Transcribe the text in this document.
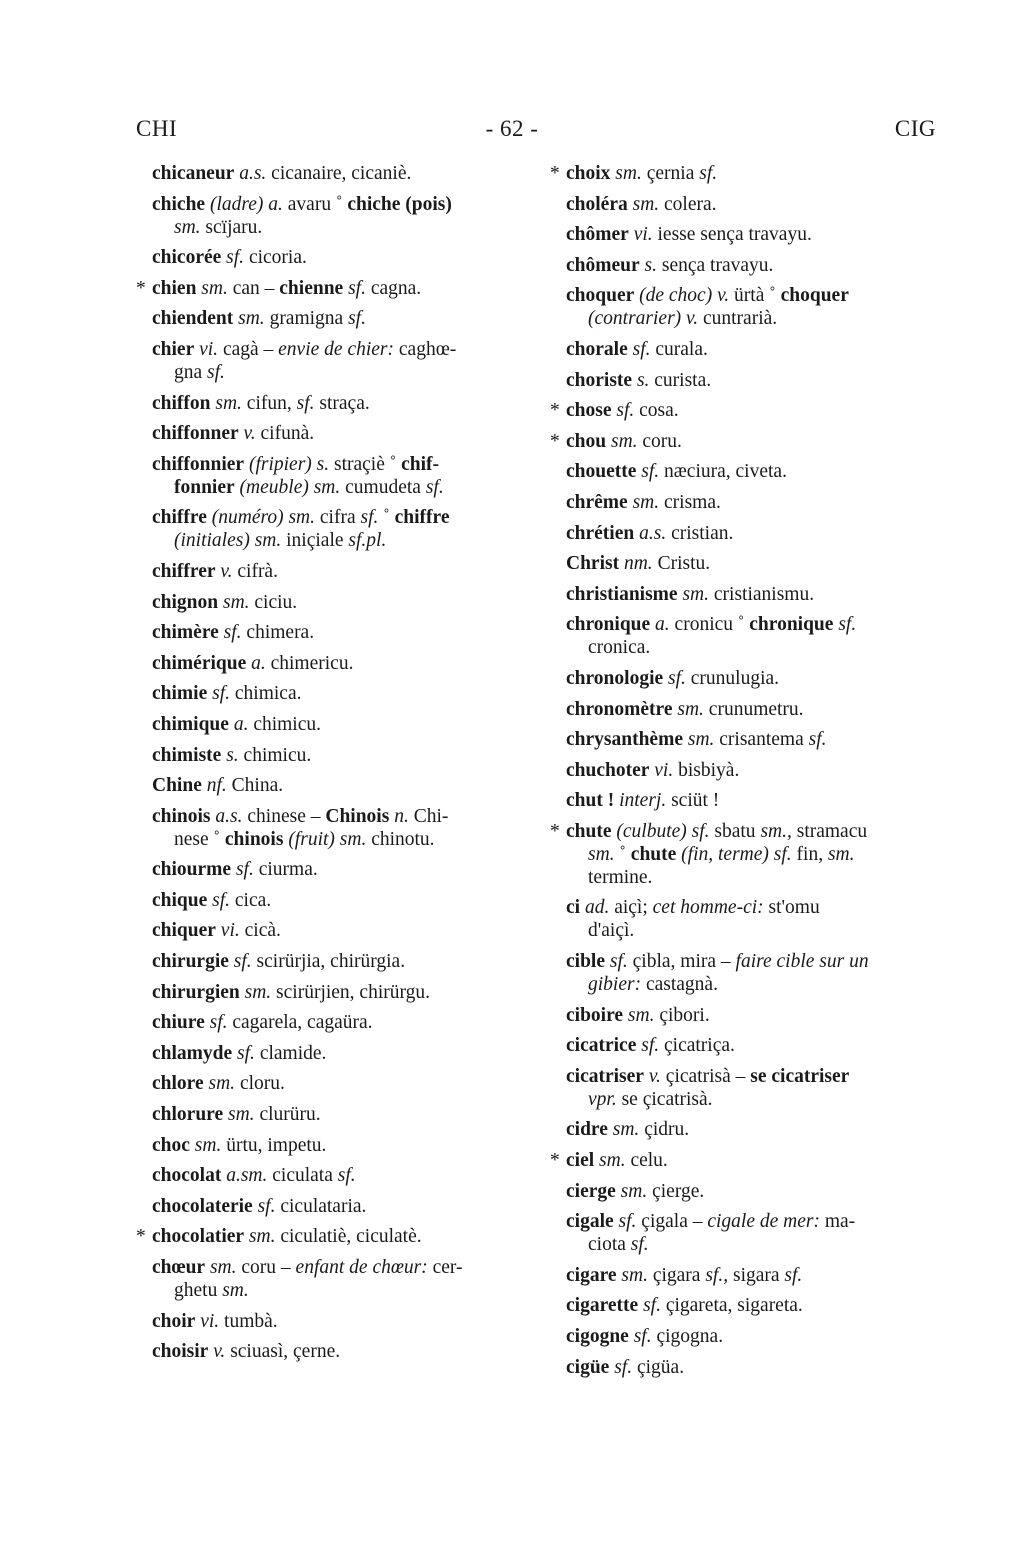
CHI	- 62 -	CIG
chicaneur a.s. cicanaire, cicaniè.
chiche (ladre) a. avaru ˚ chiche (pois)
sm. scïjaru.
chicorée sf. cicoria.
* chien sm. can – chienne sf. cagna.
chiendent sm. gramigna sf.
chier vi. cagà – envie de chier: caghœ-
gna sf.
chiffon sm. cifun, sf. straça.
chiffonner v. cifunà.
chiffonnier (fripier) s. straçiè ˚ chif-
fonnier (meuble) sm. cumudeta sf.
chiffre (numéro) sm. cifra sf. ˚ chiffre
(initiales) sm. iniçiale sf.pl.
chiffrer v. cifrà.
chignon sm. ciciu.
chimère sf. chimera.
chimérique a. chimericu.
chimie sf. chimica.
chimique a. chimicu.
chimiste s. chimicu.
Chine nf. China.
chinois a.s. chinese – Chinois n. Chi-
nese ˚ chinois (fruit) sm. chinotu.
chiourme sf. ciurma.
chique sf. cica.
chiquer vi. cicà.
chirurgie sf. scirürjia, chirürgia.
chirurgien sm. scirürjien, chirürgu.
chiure sf. cagarela, cagaüra.
chlamyde sf. clamide.
chlore sm. cloru.
chlorure sm. clurüru.
choc sm. ürtu, impetu.
chocolat a.sm. ciculata sf.
chocolaterie sf. ciculataria.
* chocolatier sm. ciculatiè, ciculatè.
chœur sm. coru – enfant de chœur: cer-
ghetu sm.
choir vi. tumbà.
choisir v. sciuasì, çerne.
* choix sm. çernia sf.
choléra sm. colera.
chômer vi. iesse sença travayu.
chômeur s. sença travayu.
choquer (de choc) v. ürtà ˚ choquer
(contrarier) v. cuntrarià.
chorale sf. curala.
choriste s. curista.
* chose sf. cosa.
* chou sm. coru.
chouette sf. næciura, civeta.
chrême sm. crisma.
chrétien a.s. cristian.
Christ nm. Cristu.
christianisme sm. cristianismu.
chronique a. cronicu ˚ chronique sf.
cronica.
chronologie sf. crunulugia.
chronomètre sm. crunumetru.
chrysanthème sm. crisantema sf.
chuchoter vi. bisbiyà.
chut ! interj. sciüt !
* chute (culbute) sf. sbatu sm., stramacu
sm. ˚ chute (fin, terme) sf. fin, sm.
termine.
ci ad. aiçì; cet homme-ci: st'omu
d'aiçì.
cible sf. çibla, mira – faire cible sur un
gibier: castagnà.
ciboire sm. çibori.
cicatrice sf. çicatriça.
cicatriser v. çicatrisà – se cicatriser
vpr. se çicatrisà.
cidre sm. çidru.
* ciel sm. celu.
cierge sm. çierge.
cigale sf. çigala – cigale de mer: ma-
ciota sf.
cigare sm. çigara sf., sigara sf.
cigarette sf. çigareta, sigareta.
cigogne sf. çigogna.
cigüe sf. çigüa.
